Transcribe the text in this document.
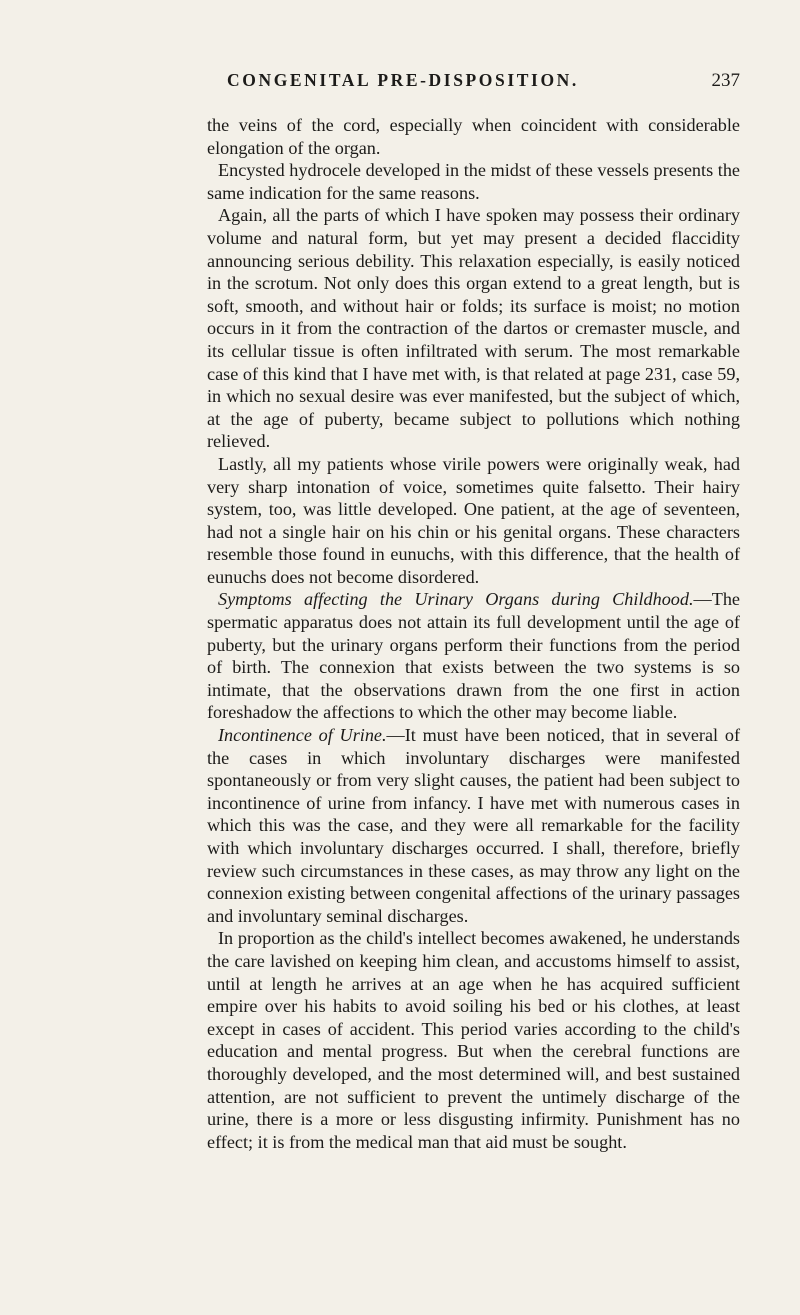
CONGENITAL PRE-DISPOSITION.	237

the veins of the cord, especially when coincident with considerable elongation of the organ.

Encysted hydrocele developed in the midst of these vessels presents the same indication for the same reasons.

Again, all the parts of which I have spoken may possess their ordinary volume and natural form, but yet may present a decided flaccidity announcing serious debility. This relaxation especially, is easily noticed in the scrotum. Not only does this organ extend to a great length, but is soft, smooth, and without hair or folds; its surface is moist; no motion occurs in it from the contraction of the dartos or cremaster muscle, and its cellular tissue is often infiltrated with serum. The most remarkable case of this kind that I have met with, is that related at page 231, case 59, in which no sexual desire was ever manifested, but the subject of which, at the age of puberty, became subject to pollutions which nothing relieved.

Lastly, all my patients whose virile powers were originally weak, had very sharp intonation of voice, sometimes quite falsetto. Their hairy system, too, was little developed. One patient, at the age of seventeen, had not a single hair on his chin or his genital organs. These characters resemble those found in eunuchs, with this difference, that the health of eunuchs does not become disordered.

Symptoms affecting the Urinary Organs during Childhood.—The spermatic apparatus does not attain its full development until the age of puberty, but the urinary organs perform their functions from the period of birth. The connexion that exists between the two systems is so intimate, that the observations drawn from the one first in action foreshadow the affections to which the other may become liable.

Incontinence of Urine.—It must have been noticed, that in several of the cases in which involuntary discharges were manifested spontaneously or from very slight causes, the patient had been subject to incontinence of urine from infancy. I have met with numerous cases in which this was the case, and they were all remarkable for the facility with which involuntary discharges occurred. I shall, therefore, briefly review such circumstances in these cases, as may throw any light on the connexion existing between congenital affections of the urinary passages and involuntary seminal discharges.

In proportion as the child's intellect becomes awakened, he understands the care lavished on keeping him clean, and accustoms himself to assist, until at length he arrives at an age when he has acquired sufficient empire over his habits to avoid soiling his bed or his clothes, at least except in cases of accident. This period varies according to the child's education and mental progress. But when the cerebral functions are thoroughly developed, and the most determined will, and best sustained attention, are not sufficient to prevent the untimely discharge of the urine, there is a more or less disgusting infirmity. Punishment has no effect; it is from the medical man that aid must be sought.
